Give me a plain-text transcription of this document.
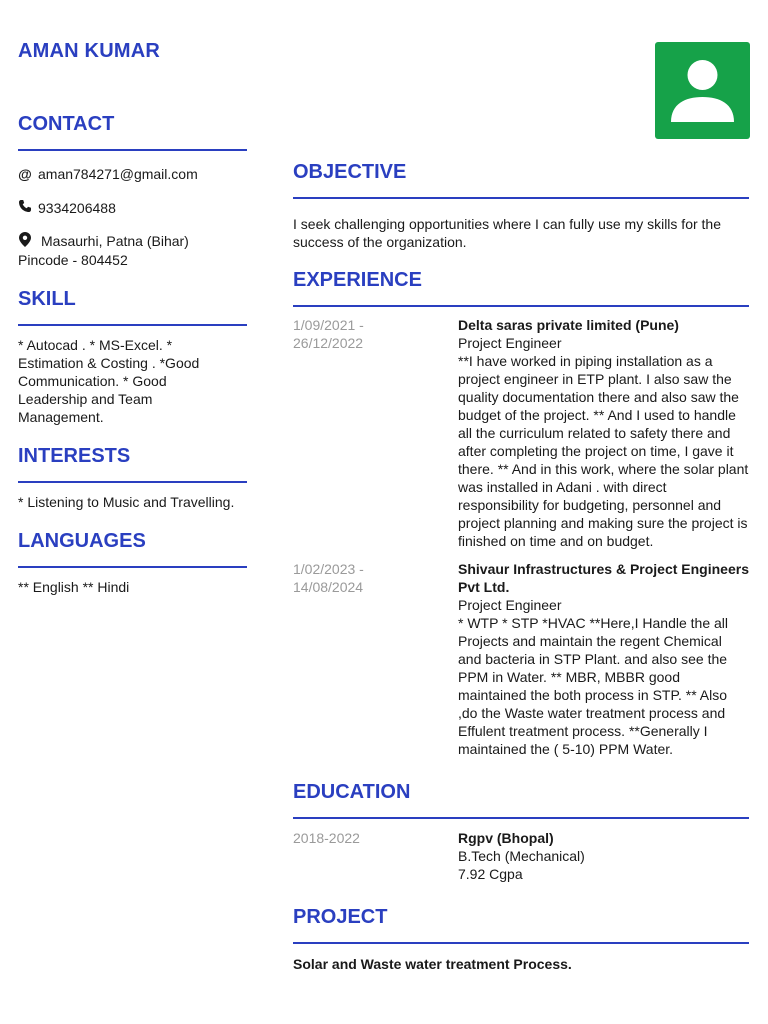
AMAN KUMAR
CONTACT
@ aman784271@gmail.com
9334206488
Masaurhi, Patna (Bihar)
Pincode - 804452
SKILL

* Autocad . * MS-Excel. * Estimation & Costing . *Good Communication. * Good Leadership and Team Management.

INTERESTS

* Listening to Music and Travelling.

LANGUAGES

** English ** Hindi

OBJECTIVE

I seek challenging opportunities where I can fully use my skills for the success of the organization.

EXPERIENCE
1/09/2021 - 26/12/2022
Delta saras private limited (Pune)
Project Engineer
**I have worked in piping installation as a project engineer in ETP plant. I also saw the quality documentation there and also saw the budget of the project. ** And I used to handle all the curriculum related to safety there and after completing the project on time, I gave it there. ** And in this work, where the solar plant was installed in Adani . with direct responsibility for budgeting, personnel and project planning and making sure the project is finished on time and on budget.
1/02/2023 - 14/08/2024
Shivaur Infrastructures & Project Engineers Pvt Ltd.
Project Engineer
* WTP * STP *HVAC **Here,I Handle the all Projects and maintain the regent Chemical and bacteria in STP Plant. and also see the PPM in Water. ** MBR, MBBR good maintained the both process in STP. ** Also ,do the Waste water treatment process and Effulent treatment process. **Generally I maintained the ( 5-10) PPM Water.
EDUCATION
2018-2022	Rgpv (Bhopal)
B.Tech (Mechanical)
7.92 Cgpa
PROJECT
Solar and Waste water treatment Process.
